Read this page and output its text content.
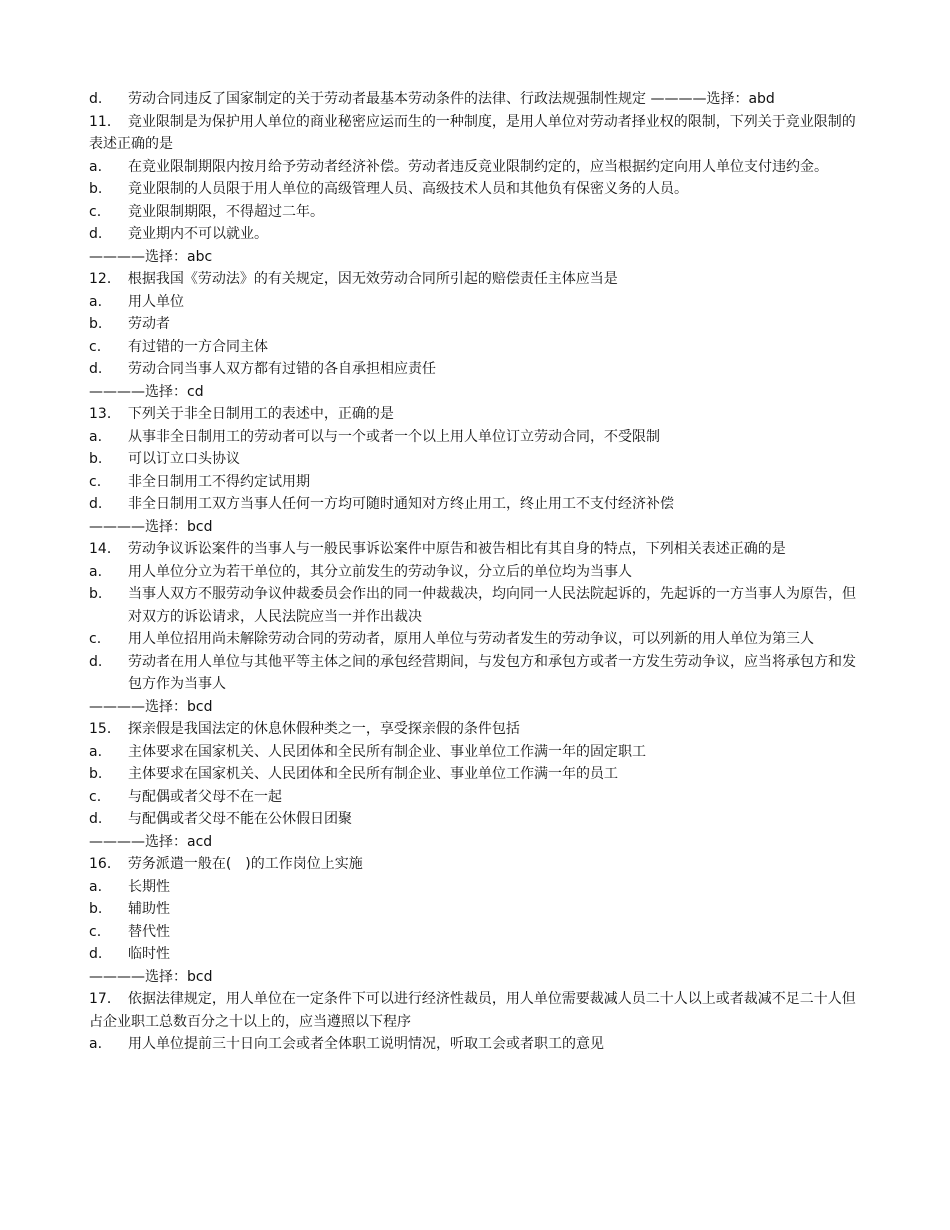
d.	劳动合同违反了国家制定的关于劳动者最基本劳动条件的法律、行政法规强制性规定 ————选择：abd

11．　竞业限制是为保护用人单位的商业秘密应运而生的一种制度，是用人单位对劳动者择业权的限制，下列关于竞业限制的表述正确的是

a.	在竞业限制期限内按月给予劳动者经济补偿。劳动者违反竞业限制约定的，应当根据约定向用人单位支付违约金。
b.	竞业限制的人员限于用人单位的高级管理人员、高级技术人员和其他负有保密义务的人员。
c.	竞业限制期限，不得超过二年。
d.	竞业期内不可以就业。

————选择：abc

12．　根据我国《劳动法》的有关规定，因无效劳动合同所引起的赔偿责任主体应当是

a.	用人单位
b.	劳动者
c.	有过错的一方合同主体
d.	劳动合同当事人双方都有过错的各自承担相应责任

————选择：cd

13．　下列关于非全日制用工的表述中，正确的是

a.	从事非全日制用工的劳动者可以与一个或者一个以上用人单位订立劳动合同，不受限制
b.	可以订立口头协议
c.	非全日制用工不得约定试用期
d.	非全日制用工双方当事人任何一方均可随时通知对方终止用工，终止用工不支付经济补偿

————选择：bcd

14．　劳动争议诉讼案件的当事人与一般民事诉讼案件中原告和被告相比有其自身的特点，下列相关表述正确的是

a.	用人单位分立为若干单位的，其分立前发生的劳动争议，分立后的单位均为当事人
b.	当事人双方不服劳动争议仲裁委员会作出的同一仲裁裁决，均向同一人民法院起诉的，先起诉的一方当事人为原告，但对双方的诉讼请求，人民法院应当一并作出裁决
c.	用人单位招用尚未解除劳动合同的劳动者，原用人单位与劳动者发生的劳动争议，可以列新的用人单位为第三人
d.	劳动者在用人单位与其他平等主体之间的承包经营期间，与发包方和承包方或者一方发生劳动争议，应当将承包方和发包方作为当事人

————选择：bcd

15．　探亲假是我国法定的休息休假种类之一，享受探亲假的条件包括

a.	主体要求在国家机关、人民团体和全民所有制企业、事业单位工作满一年的固定职工
b.	主体要求在国家机关、人民团体和全民所有制企业、事业单位工作满一年的员工
c.	与配偶或者父母不在一起
d.	与配偶或者父母不能在公休假日团聚

————选择：acd

16．　劳务派遣一般在(　)的工作岗位上实施

a.	长期性
b.	辅助性
c.	替代性
d.	临时性

————选择：bcd

17．　依据法律规定，用人单位在一定条件下可以进行经济性裁员，用人单位需要裁减人员二十人以上或者裁减不足二十人但占企业职工总数百分之十以上的，应当遵照以下程序

a.	用人单位提前三十日向工会或者全体职工说明情况，听取工会或者职工的意见
